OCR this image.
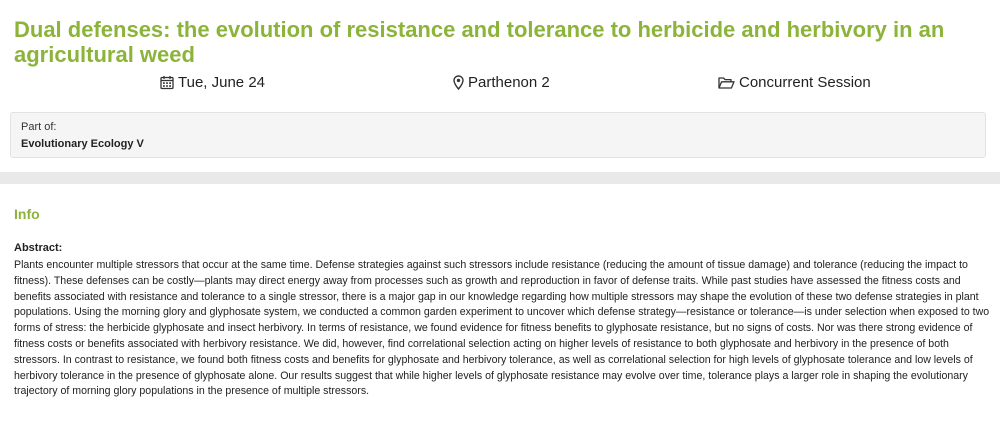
Dual defenses: the evolution of resistance and tolerance to herbicide and herbivory in an agricultural weed
Tue, June 24	Parthenon 2	Concurrent Session
Part of:
Evolutionary Ecology V
Info
Abstract:

Plants encounter multiple stressors that occur at the same time. Defense strategies against such stressors include resistance (reducing the amount of tissue damage) and tolerance (reducing the impact to fitness). These defenses can be costly—plants may direct energy away from processes such as growth and reproduction in favor of defense traits. While past studies have assessed the fitness costs and benefits associated with resistance and tolerance to a single stressor, there is a major gap in our knowledge regarding how multiple stressors may shape the evolution of these two defense strategies in plant populations. Using the morning glory and glyphosate system, we conducted a common garden experiment to uncover which defense strategy—resistance or tolerance—is under selection when exposed to two forms of stress: the herbicide glyphosate and insect herbivory. In terms of resistance, we found evidence for fitness benefits to glyphosate resistance, but no signs of costs. Nor was there strong evidence of fitness costs or benefits associated with herbivory resistance. We did, however, find correlational selection acting on higher levels of resistance to both glyphosate and herbivory in the presence of both stressors. In contrast to resistance, we found both fitness costs and benefits for glyphosate and herbivory tolerance, as well as correlational selection for high levels of glyphosate tolerance and low levels of herbivory tolerance in the presence of glyphosate alone. Our results suggest that while higher levels of glyphosate resistance may evolve over time, tolerance plays a larger role in shaping the evolutionary trajectory of morning glory populations in the presence of multiple stressors.
